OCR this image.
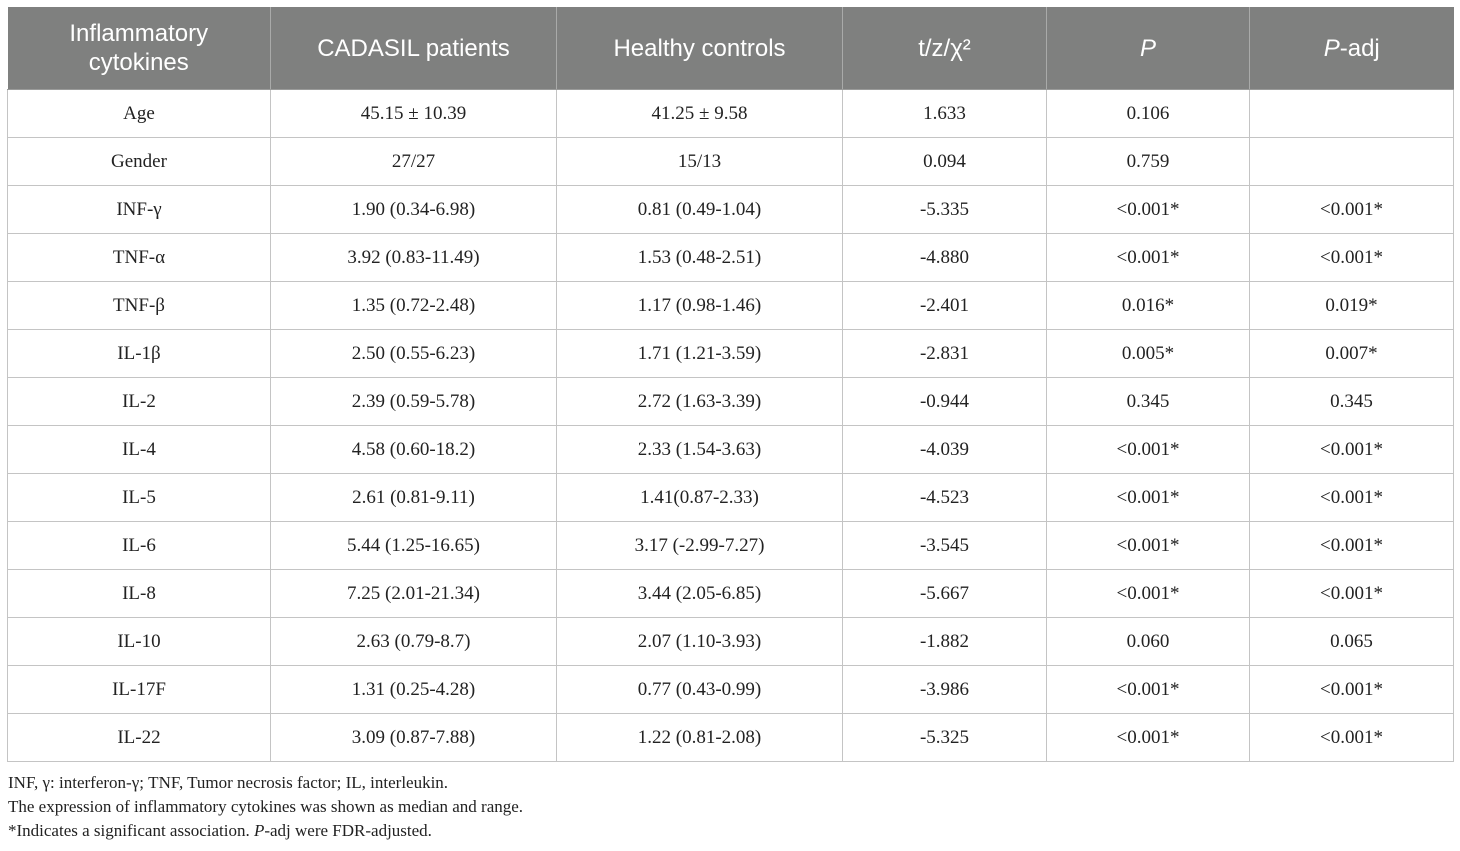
Inflammatory
cytokines	CADASIL patients	Healthy controls	t/z/χ²	P	P-adj
Age	45.15 ± 10.39	41.25 ± 9.58	1.633	0.106	
Gender	27/27	15/13	0.094	0.759	
INF-γ	1.90 (0.34-6.98)	0.81 (0.49-1.04)	-5.335	<0.001*	<0.001*
TNF-α	3.92 (0.83-11.49)	1.53 (0.48-2.51)	-4.880	<0.001*	<0.001*
TNF-β	1.35 (0.72-2.48)	1.17 (0.98-1.46)	-2.401	0.016*	0.019*
IL-1β	2.50 (0.55-6.23)	1.71 (1.21-3.59)	-2.831	0.005*	0.007*
IL-2	2.39 (0.59-5.78)	2.72 (1.63-3.39)	-0.944	0.345	0.345
IL-4	4.58 (0.60-18.2)	2.33 (1.54-3.63)	-4.039	<0.001*	<0.001*
IL-5	2.61 (0.81-9.11)	1.41(0.87-2.33)	-4.523	<0.001*	<0.001*
IL-6	5.44 (1.25-16.65)	3.17 (-2.99-7.27)	-3.545	<0.001*	<0.001*
IL-8	7.25 (2.01-21.34)	3.44 (2.05-6.85)	-5.667	<0.001*	<0.001*
IL-10	2.63 (0.79-8.7)	2.07 (1.10-3.93)	-1.882	0.060	0.065
IL-17F	1.31 (0.25-4.28)	0.77 (0.43-0.99)	-3.986	<0.001*	<0.001*
IL-22	3.09 (0.87-7.88)	1.22 (0.81-2.08)	-5.325	<0.001*	<0.001*
INF, γ: interferon-γ; TNF, Tumor necrosis factor; IL, interleukin.
The expression of inflammatory cytokines was shown as median and range.
*Indicates a significant association. P-adj were FDR-adjusted.
